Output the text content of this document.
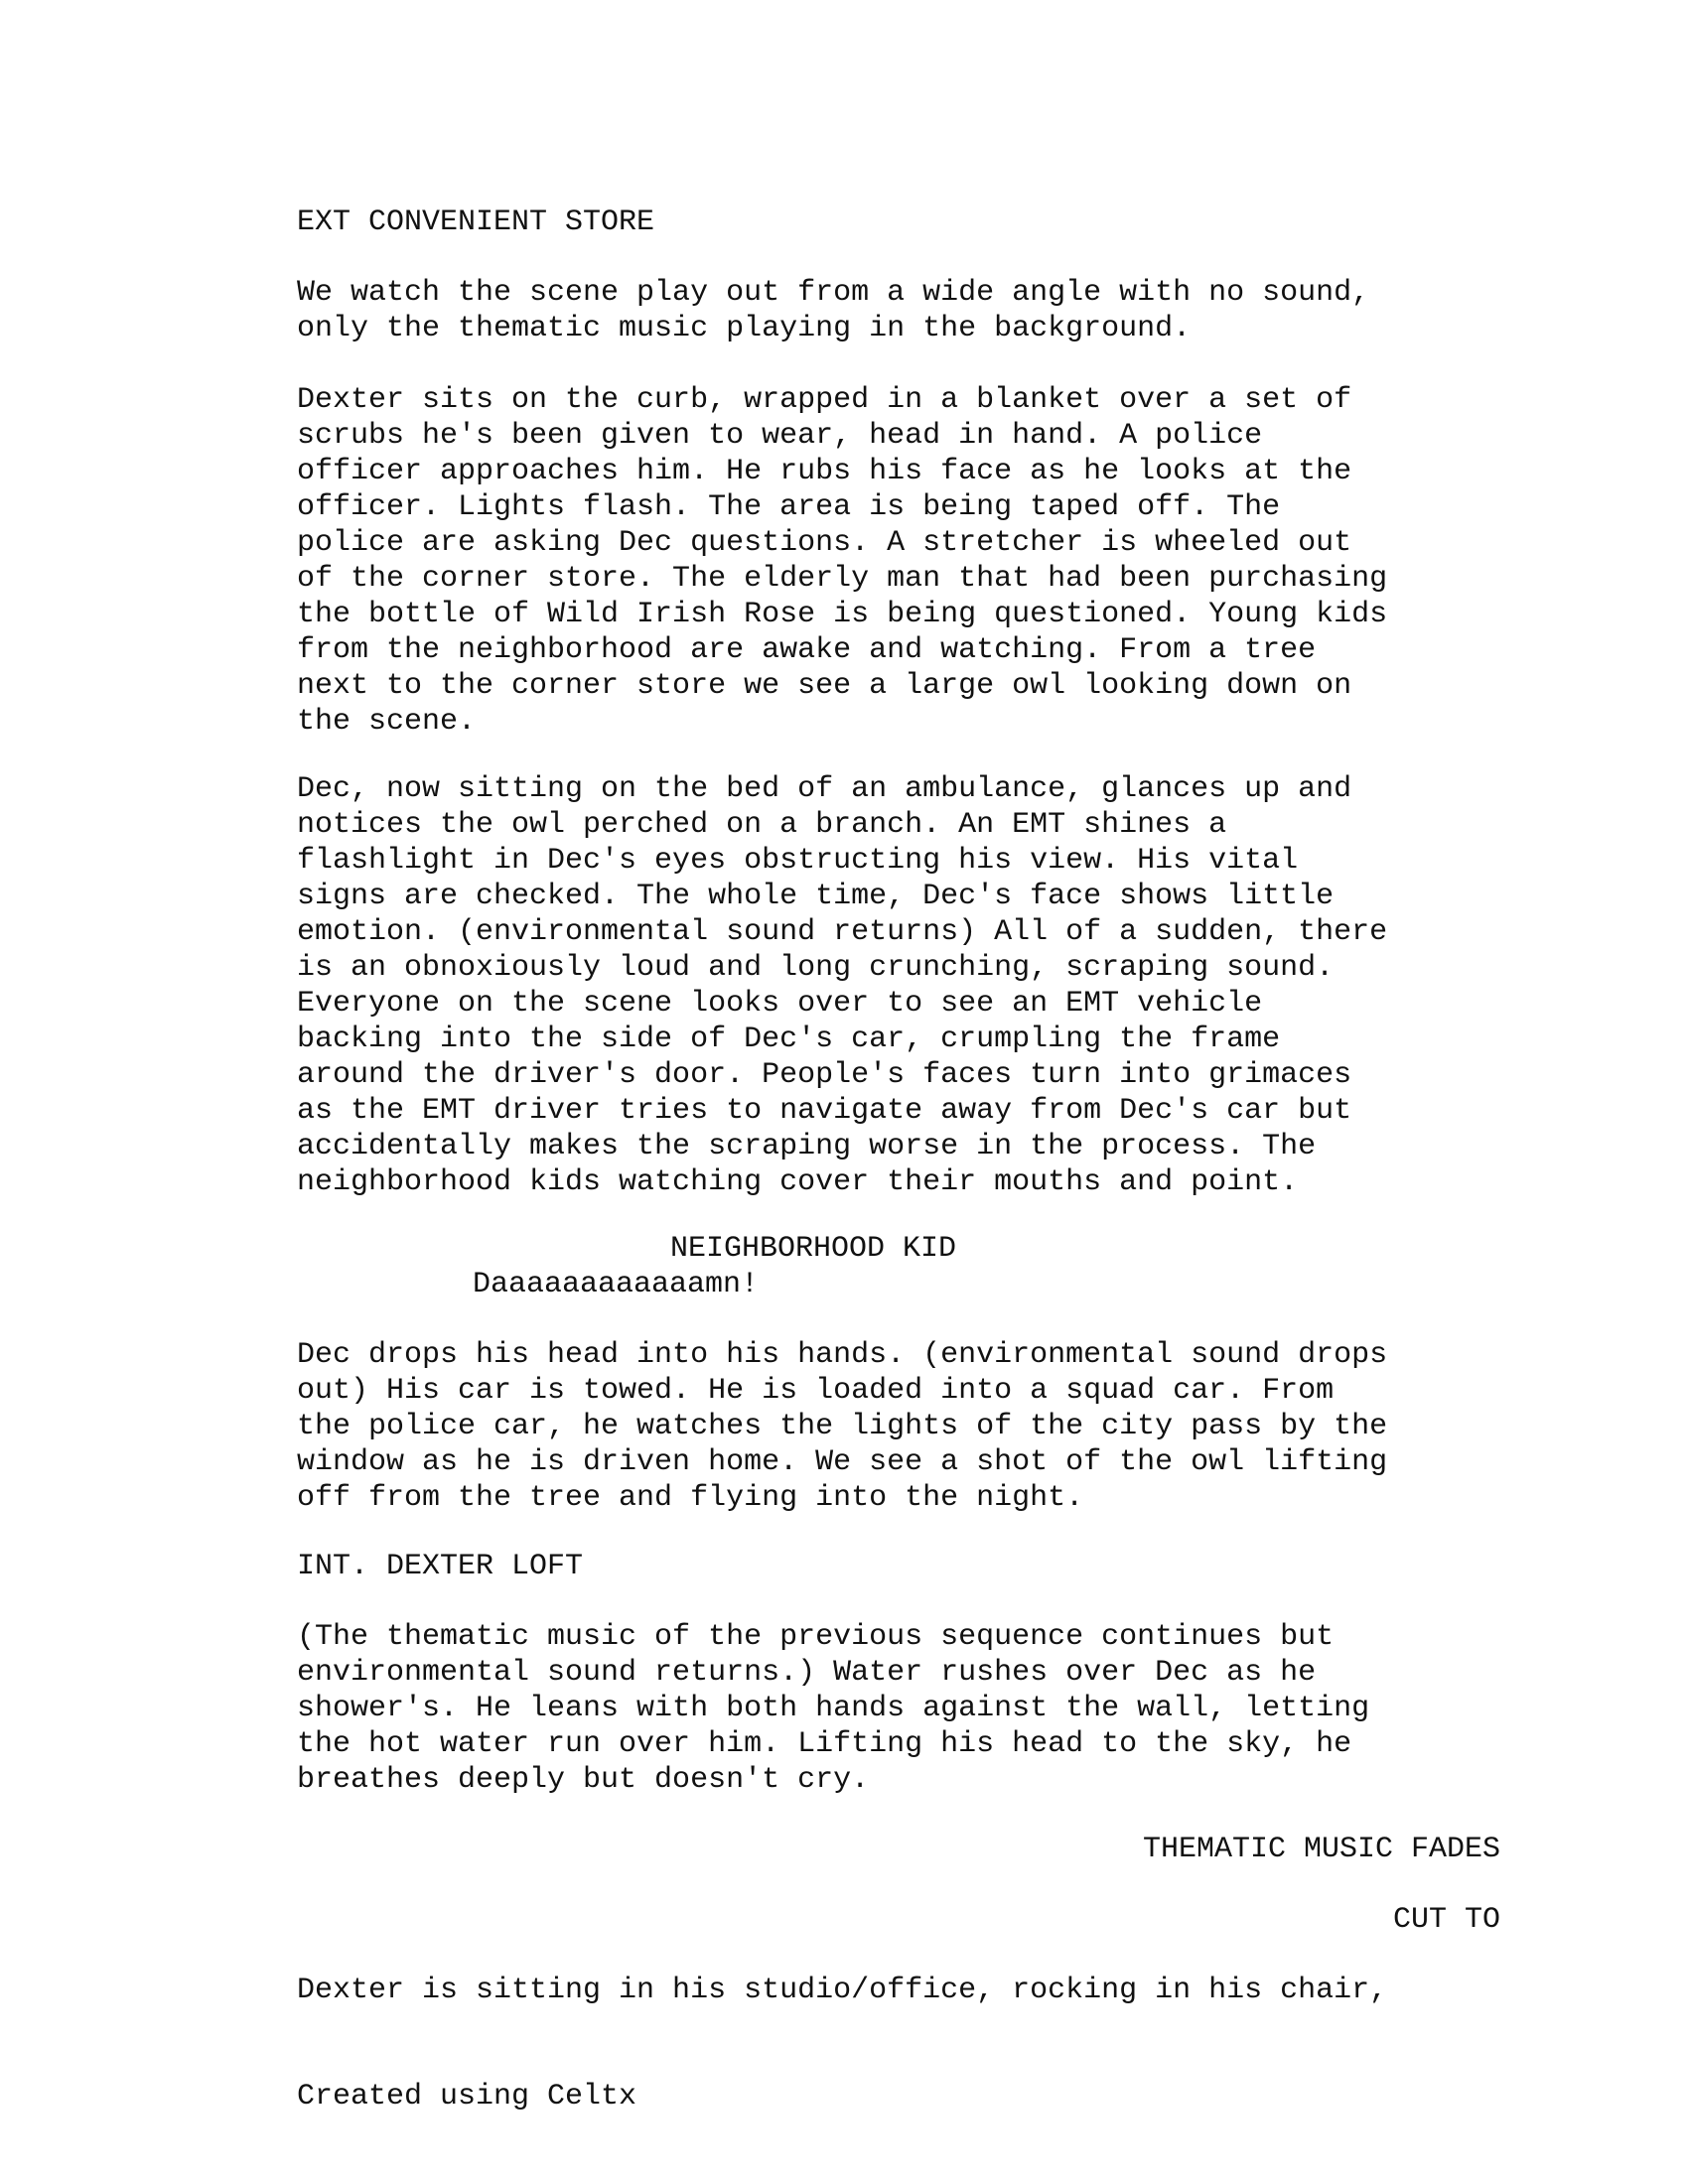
EXT CONVENIENT STORE
We watch the scene play out from a wide angle with no sound,
only the thematic music playing in the background.
Dexter sits on the curb, wrapped in a blanket over a set of
scrubs he's been given to wear, head in hand. A police
officer approaches him. He rubs his face as he looks at the
officer. Lights flash. The area is being taped off. The
police are asking Dec questions. A stretcher is wheeled out
of the corner store. The elderly man that had been purchasing
the bottle of Wild Irish Rose is being questioned. Young kids
from the neighborhood are awake and watching. From a tree
next to the corner store we see a large owl looking down on
the scene.
Dec, now sitting on the bed of an ambulance, glances up and
notices the owl perched on a branch. An EMT shines a
flashlight in Dec's eyes obstructing his view. His vital
signs are checked. The whole time, Dec's face shows little
emotion. (environmental sound returns) All of a sudden, there
is an obnoxiously loud and long crunching, scraping sound.
Everyone on the scene looks over to see an EMT vehicle
backing into the side of Dec's car, crumpling the frame
around the driver's door. People's faces turn into grimaces
as the EMT driver tries to navigate away from Dec's car but
accidentally makes the scraping worse in the process. The
neighborhood kids watching cover their mouths and point.
NEIGHBORHOOD KID
Daaaaaaaaaaaamn!
Dec drops his head into his hands. (environmental sound drops
out) His car is towed. He is loaded into a squad car. From
the police car, he watches the lights of the city pass by the
window as he is driven home. We see a shot of the owl lifting
off from the tree and flying into the night.
INT. DEXTER LOFT
(The thematic music of the previous sequence continues but
environmental sound returns.) Water rushes over Dec as he
shower's. He leans with both hands against the wall, letting
the hot water run over him. Lifting his head to the sky, he
breathes deeply but doesn't cry.
THEMATIC MUSIC FADES
CUT TO
Dexter is sitting in his studio/office, rocking in his chair,
Created using Celtx
